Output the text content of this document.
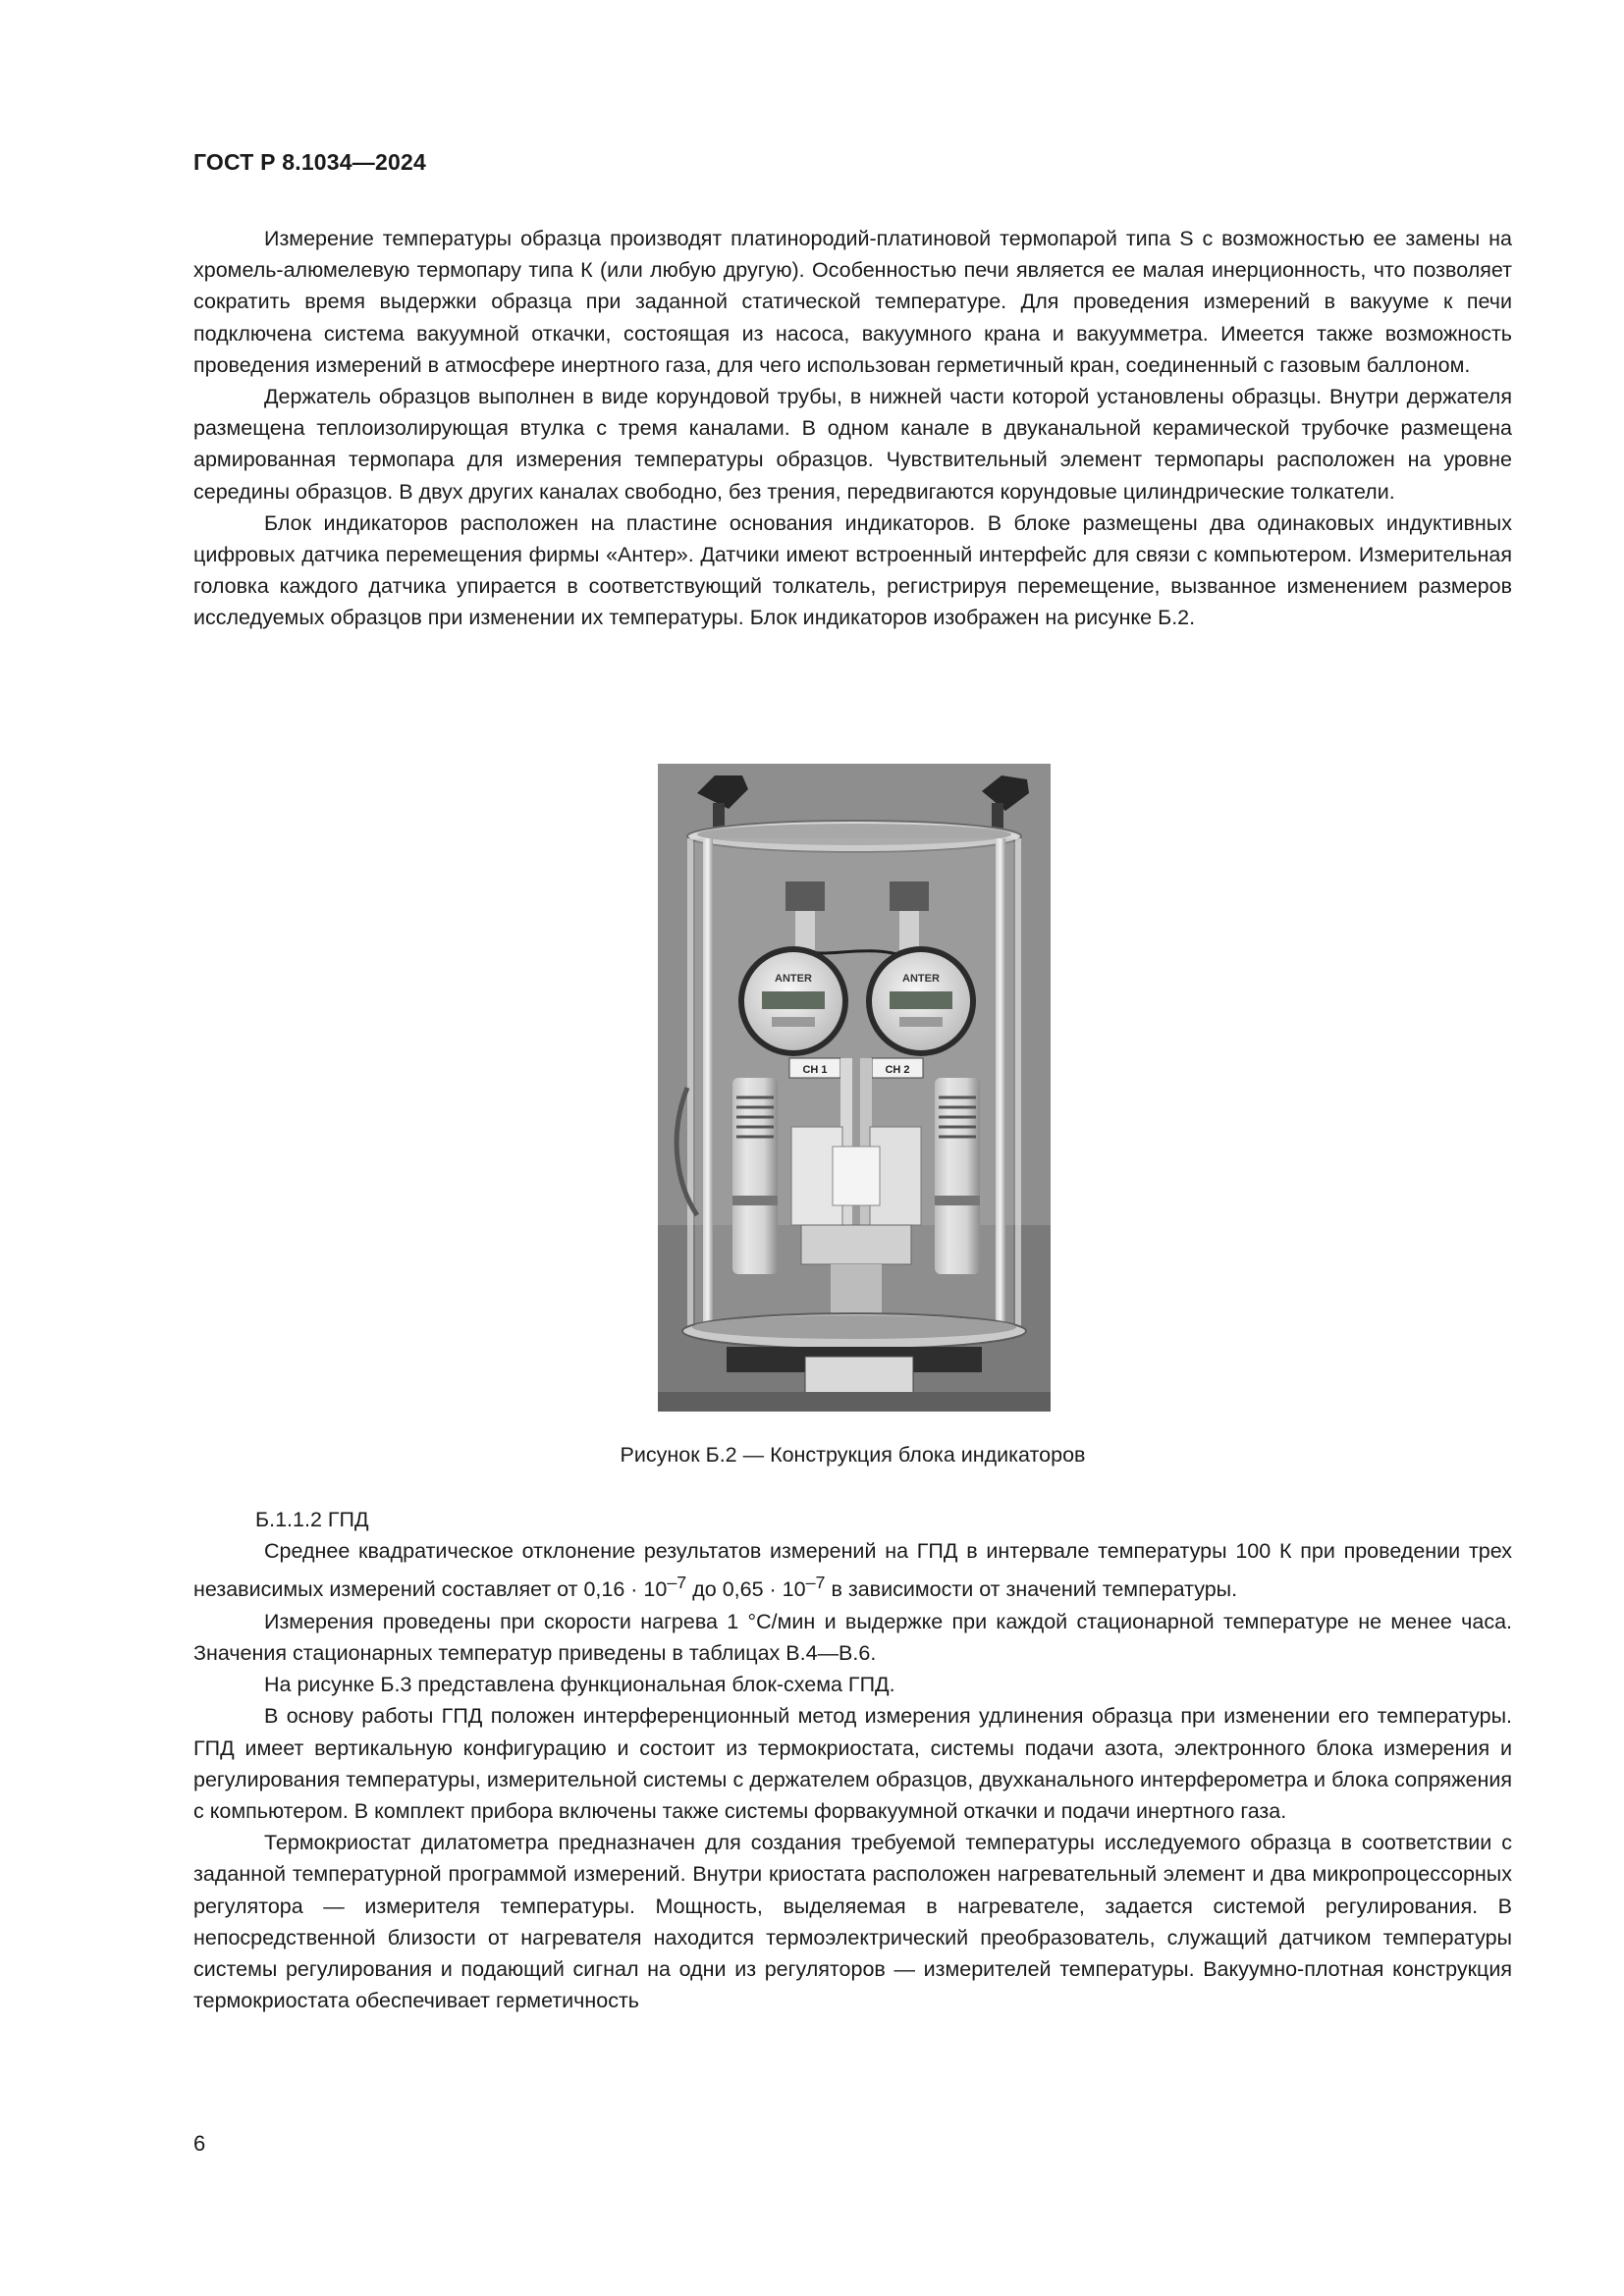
ГОСТ Р 8.1034—2024

Измерение температуры образца производят платинородий-платиновой термопарой типа S с возможностью ее замены на хромель-алюмелевую термопару типа К (или любую другую). Особенностью печи является ее малая инерционность, что позволяет сократить время выдержки образца при заданной статической температуре. Для проведения измерений в вакууме к печи подключена система вакуумной откачки, состоящая из насоса, вакуумного крана и вакуумметра. Имеется также возможность проведения измерений в атмосфере инертного газа, для чего использован герметичный кран, соединенный с газовым баллоном.

Держатель образцов выполнен в виде корундовой трубы, в нижней части которой установлены образцы. Внутри держателя размещена теплоизолирующая втулка с тремя каналами. В одном канале в двуканальной керамической трубочке размещена армированная термопара для измерения температуры образцов. Чувствительный элемент термопары расположен на уровне середины образцов. В двух других каналах свободно, без трения, передвигаются корундовые цилиндрические толкатели.

Блок индикаторов расположен на пластине основания индикаторов. В блоке размещены два одинаковых индуктивных цифровых датчика перемещения фирмы «Антер». Датчики имеют встроенный интерфейс для связи с компьютером. Измерительная головка каждого датчика упирается в соответствующий толкатель, регистрируя перемещение, вызванное изменением размеров исследуемых образцов при изменении их температуры. Блок индикаторов изображен на рисунке Б.2.

ANTER	ANTER
CH 1	CH 2
Рисунок Б.2 — Конструкция блока индикаторов

Б.1.1.2 ГПД

Среднее квадратическое отклонение результатов измерений на ГПД в интервале температуры 100 К при проведении трех независимых измерений составляет от $0,16 \cdot 10^{-7}$ до $0,65 \cdot 10^{-7}$ в зависимости от значений температуры.

Измерения проведены при скорости нагрева 1 °С/мин и выдержке при каждой стационарной температуре не менее часа. Значения стационарных температур приведены в таблицах В.4—В.6.

На рисунке Б.3 представлена функциональная блок-схема ГПД.

В основу работы ГПД положен интерференционный метод измерения удлинения образца при изменении его температуры. ГПД имеет вертикальную конфигурацию и состоит из термокриостата, системы подачи азота, электронного блока измерения и регулирования температуры, измерительной системы с держателем образцов, двухканального интерферометра и блока сопряжения с компьютером. В комплект прибора включены также системы форвакуумной откачки и подачи инертного газа.

Термокриостат дилатометра предназначен для создания требуемой температуры исследуемого образца в соответствии с заданной температурной программой измерений. Внутри криостата расположен нагревательный элемент и два микропроцессорных регулятора — измерителя температуры. Мощность, выделяемая в нагревателе, задается системой регулирования. В непосредственной близости от нагревателя находится термоэлектрический преобразователь, служащий датчиком температуры системы регулирования и подающий сигнал на одни из регуляторов — измерителей температуры. Вакуумно-плотная конструкция термокриостата обеспечивает герметичность

6
